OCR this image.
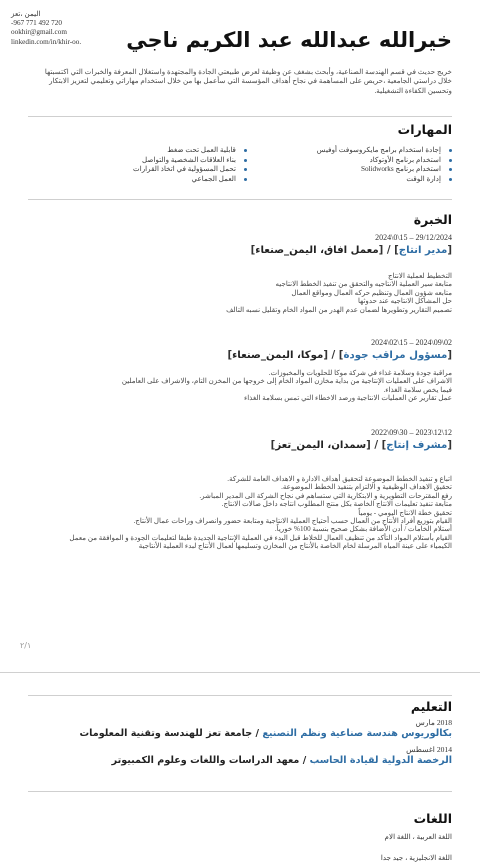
اليمن ،تعز
-967 771 492 720
ookhir@gmail.com
linkedin.com/in/khir-oo.	خيرالله عبدالله عبد الكريم ناجي
خريج حديث في قسم الهندسة الصناعية، وأبحث بشغف عن وظيفة لعرض طبيعتي الجادة والمجتهدة واستغلال المعرفة والخبرات التي اكتسبتها خلال دراستي الجامعية ،حريص على المساهمة في نجاح أهداف المؤسسة التي سأعمل بها من خلال استخدام مهاراتي وتعليمي لتعزيز الابتكار وتحسين الكفاءة التشغيلية.
المهارات
إجادة استخدام برامج مايكروسوفت أوفيس
استخدام برنامج الأوتوكاد
استخدام برنامج Solidworks
إدارة الوقت
قابلية العمل تحت ضغط
بناء العلاقات الشخصية والتواصل
تحمل المسؤولية في اتخاذ القرارات
العمل الجماعي
الخبرة
29/12/2024 – 15\0\2024
[مدير انتاج] / [معمل افاق، اليمن_صنعاء]
التخطيط لعملية الانتاج
متابعة سير العملية الانتاجيه والتحقق من تنفيذ الخطط الانتاجيه
متابعه شؤون العمال وتنظيم حركه العمال ومواقع العمال
حل المشاكل الانتاجيه عند حدوثها
تصميم التقارير وتطويرها لضمان عدم الهدر من المواد الخام وتقليل نسبه التالف
02\09\2024 – 15\02\2024
[مسؤول مراقب جودة] / [موكا، اليمن_صنعاء]
مراقبة جودة وسلامة غذاء في شركة موكا للحلويات والمخبوزات.
الاشراف على العمليات الإنتاجية من بداية مخازن المواد الخام إلى خروجها من المخزن التام، والاشراف على العاملين
فيما يخص سلامة الغذاء.
عمل تقارير عن العمليات الانتاجية ورصد الاخطاء التي تمس بسلامة الغذاء
12\12\2023 – 30\09\2022
[مشرف إنتاج] / [سمدان، اليمن_تعز]
اتباع و تنفيذ الخطط الموضوعة لتحقيق أهداف الادارة و الاهداف العامة للشركة.
تحقيق الاهداف الوظيفية و الالتزام بتنفيذ الخطط الموضوعة.
رفع المقترحات التطويرية و الابتكارية التي ستساهم في نجاح الشركة الى المدير المباشر.
متابعة تنفيذ تعليمات الانتاج الخاصة بكل منتج المطلوب انتاجه داخل صالات الانتاج.
تحقيق خطة الانتاج اليومي - يومياً
القيام بتوزيع أفراد الأنتاج من العمال حسب أحتياج العملية الانتاجية ومتابعة حضور وانصراف وراحات عمال الأنتاج.
أستلام الخامات / أدن الأضافة بشكل صحيح بنسبة 100% خورياً.
القيام بأستلام المواد التأكد من تنظيف العمال للخلاط قبل البدء في العملية الإنتاجية الجديدة طبقا لتعليمات الجودة و الموافقة من معمل
الكيمياء على عينة المياه المرسلة لخام الخاصة بالأنتاج من المخازن وتسليمها لعمال الأنتاج لبدء العملية الأنتاجية
٢/١
التعليم
2018 مارس
بكالوريوس هندسة صناعية ونظم التصنيع / جامعة تعز للهندسة وتقنية المعلومات
2014 اغسطس
الرخصة الدولية لقيادة الحاسب / معهد الدراسات واللغات وعلوم الكمبيوتر
اللغات
اللغة العربية ، اللغة الام
اللغة الانجليزية ، جيد جدا
